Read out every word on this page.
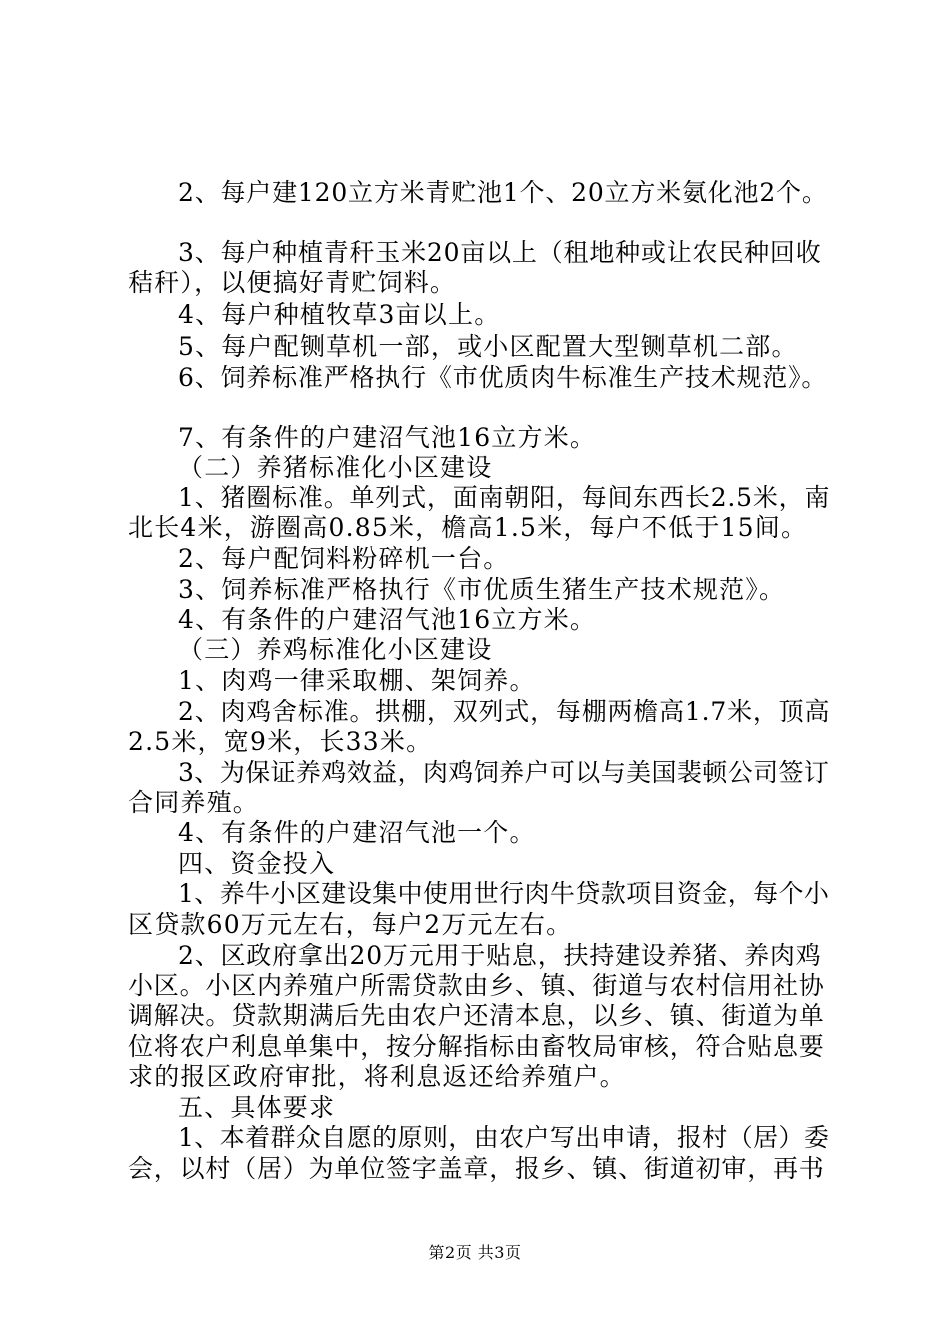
2、每户建120立方米青贮池1个、20立方米氨化池2个。
3、每户种植青秆玉米20亩以上（租地种或让农民种回收
秸秆），以便搞好青贮饲料。
4、每户种植牧草3亩以上。
5、每户配铡草机一部，或小区配置大型铡草机二部。
6、饲养标准严格执行《市优质肉牛标准生产技术规范》。
7、有条件的户建沼气池16立方米。
（二）养猪标准化小区建设
1、猪圈标准。单列式，面南朝阳，每间东西长2.5米，南
北长4米，游圈高0.85米，檐高1.5米，每户不低于15间。
2、每户配饲料粉碎机一台。
3、饲养标准严格执行《市优质生猪生产技术规范》。
4、有条件的户建沼气池16立方米。
（三）养鸡标准化小区建设
1、肉鸡一律采取棚、架饲养。
2、肉鸡舍标准。拱棚，双列式，每棚两檐高1.7米，顶高
2.5米，宽9米，长33米。
3、为保证养鸡效益，肉鸡饲养户可以与美国裴顿公司签订
合同养殖。
4、有条件的户建沼气池一个。
四、资金投入
1、养牛小区建设集中使用世行肉牛贷款项目资金，每个小
区贷款60万元左右，每户2万元左右。
2、区政府拿出20万元用于贴息，扶持建设养猪、养肉鸡
小区。小区内养殖户所需贷款由乡、镇、街道与农村信用社协
调解决。贷款期满后先由农户还清本息，以乡、镇、街道为单
位将农户利息单集中，按分解指标由畜牧局审核，符合贴息要
求的报区政府审批，将利息返还给养殖户。
五、具体要求
1、本着群众自愿的原则，由农户写出申请，报村（居）委
会，以村（居）为单位签字盖章，报乡、镇、街道初审，再书
第2页 共3页
